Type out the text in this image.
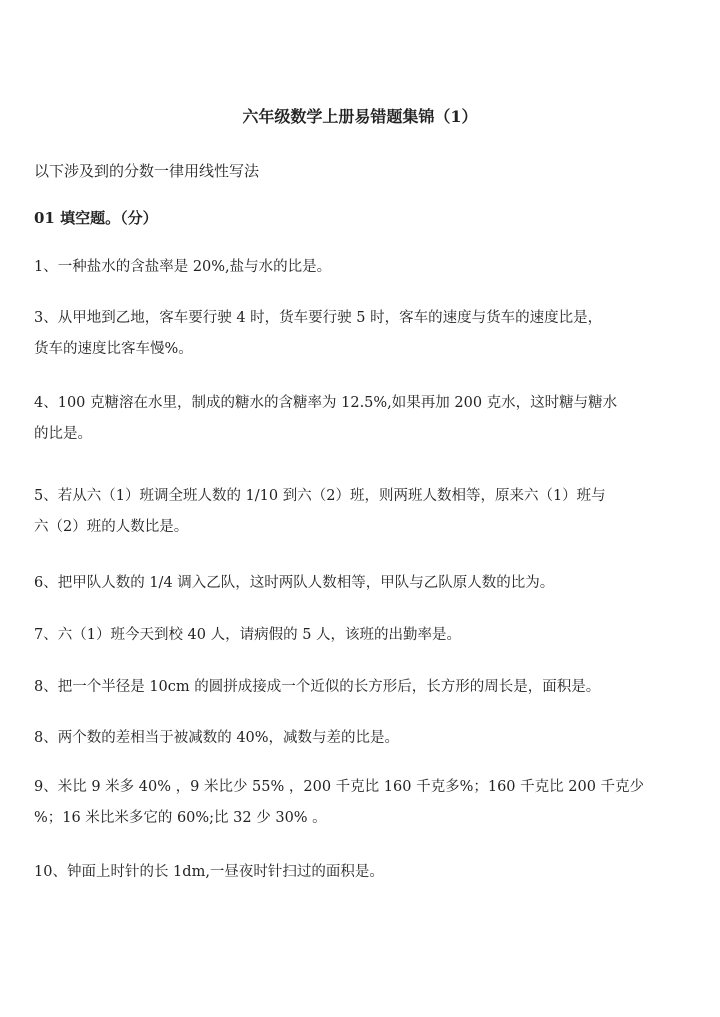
六年级数学上册易错题集锦（1）
以下涉及到的分数一律用线性写法
01 填空题。（分）
1、一种盐水的含盐率是 20%,盐与水的比是。
3、从甲地到乙地，客车要行驶 4 时，货车要行驶 5 时，客车的速度与货车的速度比是，
货车的速度比客车慢%。
4、100 克糖溶在水里，制成的糖水的含糖率为 12.5%,如果再加 200 克水，这时糖与糖水
的比是。
5、若从六（1）班调全班人数的 1/10 到六（2）班，则两班人数相等，原来六（1）班与
六（2）班的人数比是。
6、把甲队人数的 1/4 调入乙队，这时两队人数相等，甲队与乙队原人数的比为。
7、六（1）班今天到校 40 人，请病假的 5 人，该班的出勤率是。
8、把一个半径是 10cm 的圆拼成接成一个近似的长方形后，长方形的周长是，面积是。
8、两个数的差相当于被减数的 40%，减数与差的比是。
9、米比 9 米多 40% ，9 米比少 55% ，200 千克比 160 千克多%；160 千克比 200 千克少
%；16 米比米多它的 60%;比 32 少 30% 。
10、钟面上时针的长 1dm,一昼夜时针扫过的面积是。
